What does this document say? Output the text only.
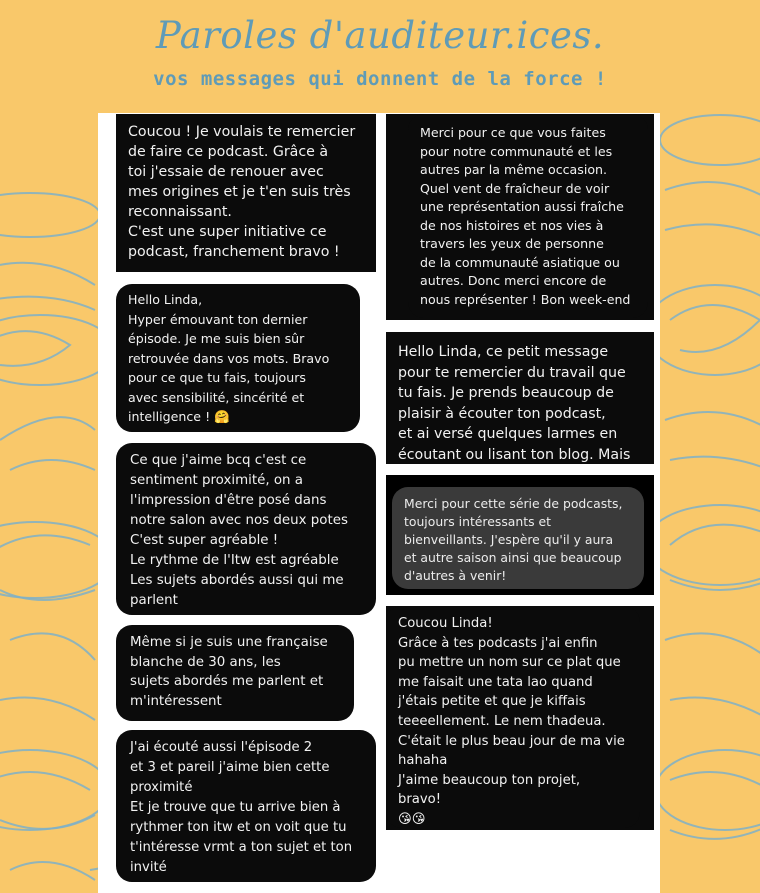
Paroles d'auditeur.ices.
vos messages qui donnent de la force !
Coucou ! Je voulais te remercier
de faire ce podcast. Grâce à
toi j'essaie de renouer avec
mes origines et je t'en suis très
reconnaissant.
C'est une super initiative ce
podcast, franchement bravo !
Hello Linda,
Hyper émouvant ton dernier
épisode. Je me suis bien sûr
retrouvée dans vos mots. Bravo
pour ce que tu fais, toujours
avec sensibilité, sincérité et
intelligence ! 🤗
Ce que j'aime bcq c'est ce
sentiment proximité, on a
l'impression d'être posé dans
notre salon avec nos deux potes
C'est super agréable !
Le rythme de l'Itw est agréable
Les sujets abordés aussi qui me
parlent
Même si je suis une française
blanche de 30 ans, les
sujets abordés me parlent et
m'intéressent
J'ai écouté aussi l'épisode 2
et 3 et pareil j'aime bien cette
proximité
Et je trouve que tu arrive bien à
rythmer ton itw et on voit que tu
t'intéresse vrmt a ton sujet et ton
invité

Merci pour ce que vous faites
pour notre communauté et les
autres par la même occasion.
Quel vent de fraîcheur de voir
une représentation aussi fraîche
de nos histoires et nos vies à
travers les yeux de personne
de la communauté asiatique ou
autres. Donc merci encore de
nous représenter ! Bon week-end

Hello Linda, ce petit message
pour te remercier du travail que
tu fais. Je prends beaucoup de
plaisir à écouter ton podcast,
et ai versé quelques larmes en
écoutant ou lisant ton blog. Mais

Merci pour cette série de podcasts,
toujours intéressants et
bienveillants. J'espère qu'il y aura
et autre saison ainsi que beaucoup
d'autres à venir!

Coucou Linda!
Grâce à tes podcasts j'ai enfin
pu mettre un nom sur ce plat que
me faisait une tata lao quand
j'étais petite et que je kiffais
teeeellement. Le nem thadeua.
C'était le plus beau jour de ma vie
hahaha
J'aime beaucoup ton projet,
bravo!
😘😘
